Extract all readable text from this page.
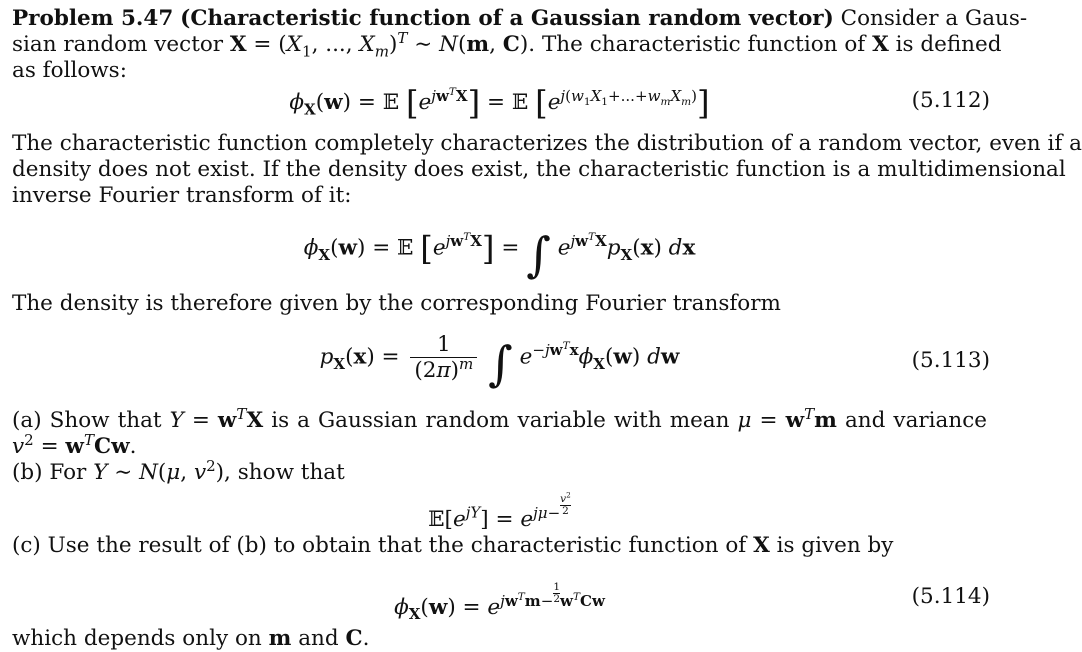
Problem 5.47 (Characteristic function of a Gaussian random vector) Consider a Gaus-
sian random vector $X = (X_1$, ..., $X_m)^T$ ∼ N(m, C). The characteristic function of X is defined
as follows:
$\phi_X(w)$ = 𝔼 $[e^{jw^TX}]$ = 𝔼 $[e^{j(w_1X_1+...+w_mX_m)}]$	(5.112)
The characteristic function completely characterizes the distribution of a random vector, even if a
density does not exist. If the density does exist, the characteristic function is a multidimensional
inverse Fourier transform of it:
$\phi_X(w)$ = 𝔼 $[e^{jw^TX}]$ = ∫ $e^{jw^TX}p_X(x)$ dx
The density is therefore given by the corresponding Fourier transform
$p_X(x) = \frac{1}{(2\pi)^m}$ ∫ $e^{-jw^Tx}\phi_X(w)$ dw	(5.113)
(a) Show that $Y = w^TX$ is a Gaussian random variable with mean $\mu = w^Tm$ and variance
$v^2 = w^TCw$.
(b) For Y ∼ N(μ, $v^2$), show that
$𝔼[e^{jY}] = e^{j\mu- \frac{v^2}{2}}$
(c) Use the result of (b) to obtain that the characteristic function of X is given by
$\phi_X(w) = e^{jw^Tm- \frac{1}{2} w^TCw}$	(5.114)
which depends only on m and C.
